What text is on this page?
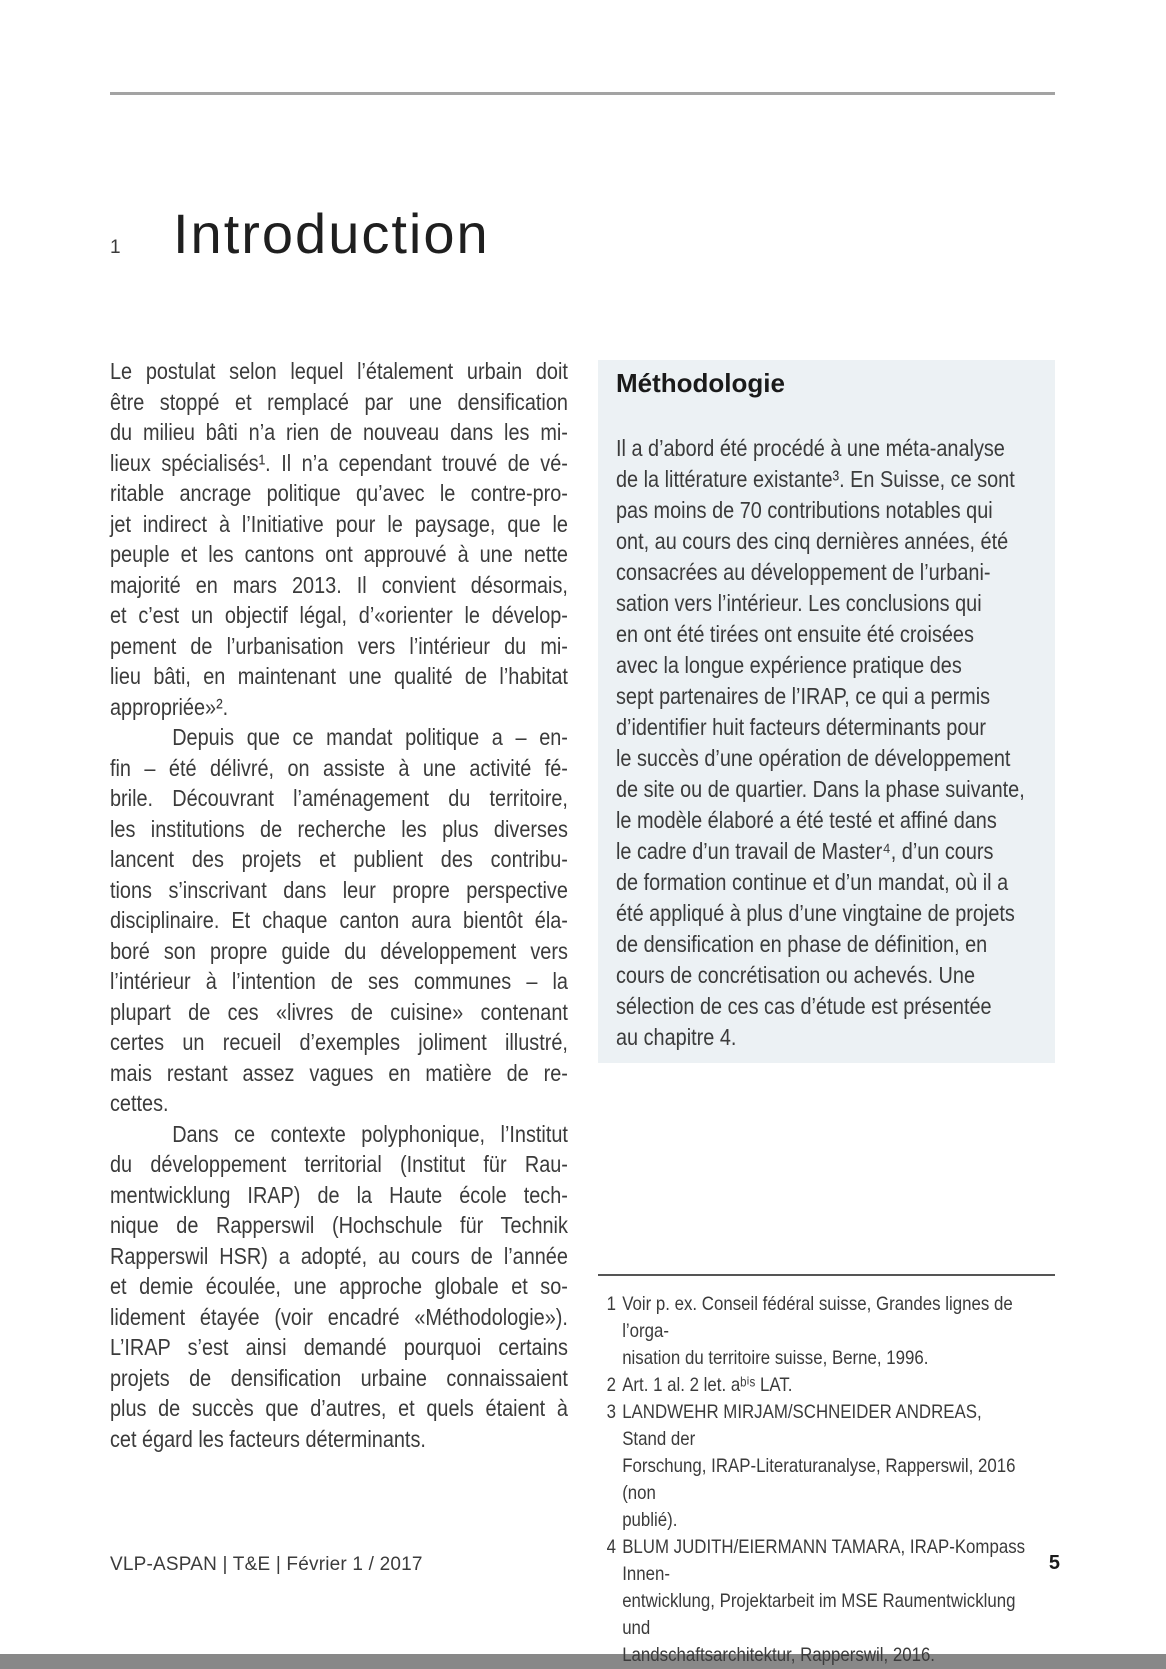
1 Introduction
Le postulat selon lequel l’étalement urbain doit
être stoppé et remplacé par une densification
du milieu bâti n’a rien de nouveau dans les mi-
lieux spécialisés¹. Il n’a cependant trouvé de vé-
ritable ancrage politique qu’avec le contre-pro-
jet indirect à l’Initiative pour le paysage, que le
peuple et les cantons ont approuvé à une nette
majorité en mars 2013. Il convient désormais,
et c’est un objectif légal, d’«orienter le dévelop-
pement de l’urbanisation vers l’intérieur du mi-
lieu bâti, en maintenant une qualité de l’habitat
appropriée»².
Depuis que ce mandat politique a – en-
fin – été délivré, on assiste à une activité fé-
brile. Découvrant l’aménagement du territoire,
les institutions de recherche les plus diverses
lancent des projets et publient des contribu-
tions s’inscrivant dans leur propre perspective
disciplinaire. Et chaque canton aura bientôt éla-
boré son propre guide du développement vers
l’intérieur à l’intention de ses communes – la
plupart de ces «livres de cuisine» contenant
certes un recueil d’exemples joliment illustré,
mais restant assez vagues en matière de re-
cettes.
Dans ce contexte polyphonique, l’Institut
du développement territorial (Institut für Rau-
mentwicklung IRAP) de la Haute école tech-
nique de Rapperswil (Hochschule für Technik
Rapperswil HSR) a adopté, au cours de l’année
et demie écoulée, une approche globale et so-
lidement étayée (voir encadré «Méthodologie»).
L’IRAP s’est ainsi demandé pourquoi certains
projets de densification urbaine connaissaient
plus de succès que d’autres, et quels étaient à
cet égard les facteurs déterminants.
Méthodologie
Il a d’abord été procédé à une méta-analyse
de la littérature existante³. En Suisse, ce sont
pas moins de 70 contributions notables qui
ont, au cours des cinq dernières années, été
consacrées au développement de l’urbani-
sation vers l’intérieur. Les conclusions qui
en ont été tirées ont ensuite été croisées
avec la longue expérience pratique des
sept partenaires de l’IRAP, ce qui a permis
d’identifier huit facteurs déterminants pour
le succès d’une opération de développement
de site ou de quartier. Dans la phase suivante,
le modèle élaboré a été testé et affiné dans
le cadre d’un travail de Master⁴, d’un cours
de formation continue et d’un mandat, où il a
été appliqué à plus d’une vingtaine de projets
de densification en phase de définition, en
cours de concrétisation ou achevés. Une
sélection de ces cas d’étude est présentée
au chapitre 4.
1 Voir p. ex. Conseil fédéral suisse, Grandes lignes de l’orga-
nisation du territoire suisse, Berne, 1996.
2 Art. 1 al. 2 let. aᵇⁱˢ LAT.
3 LANDWEHR MIRJAM/SCHNEIDER ANDREAS, Stand der
Forschung, IRAP-Literaturanalyse, Rapperswil, 2016 (non
publié).
4 BLUM JUDITH/EIERMANN TAMARA, IRAP-Kompass Innen-
entwicklung, Projektarbeit im MSE Raumentwicklung und
Landschaftsarchitektur, Rapperswil, 2016.
VLP-ASPAN | T&E | Février 1 / 2017	5
